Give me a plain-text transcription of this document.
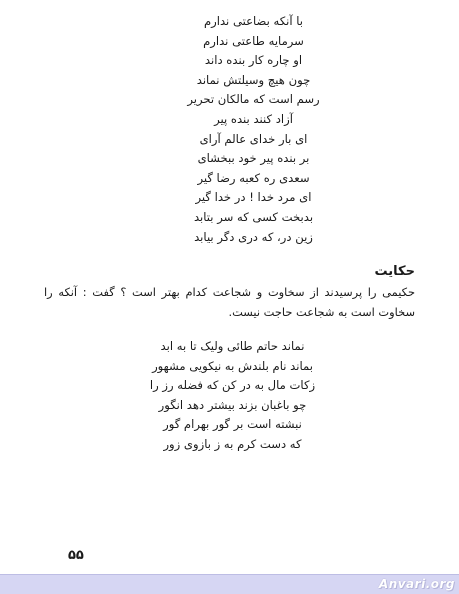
با آنکه بضاعتی ندارم
سرمایه طاعتی ندارم
او چاره کار بنده داند
چون هیچ وسیلتش نماند
رسم است که مالکان تحریر
آزاد کنند بنده پیر
ای بار خدای عالم آرای
بر بنده پیر خود ببخشای
سعدی ره کعبه رضا گیر
ای مرد خدا ! در خدا گیر
بدبخت کسی که سر بتابد
زین در، که دری دگر بیابد
حکایت
حکیمی را پرسیدند از سخاوت و شجاعت کدام بهتر است ؟ گفت : آنکه را سخاوت است به شجاعت حاجت نیست.
نماند حاتم طائی ولیک تا به ابد
بماند نام بلندش به نیکویی مشهور
زکات مال به در کن که فضله رز را
چو باغبان بزند بیشتر دهد انگور
نبشته است بر گور بهرام گور
که دست کرم به ز بازوی زور
۵۵
Anvari.org
